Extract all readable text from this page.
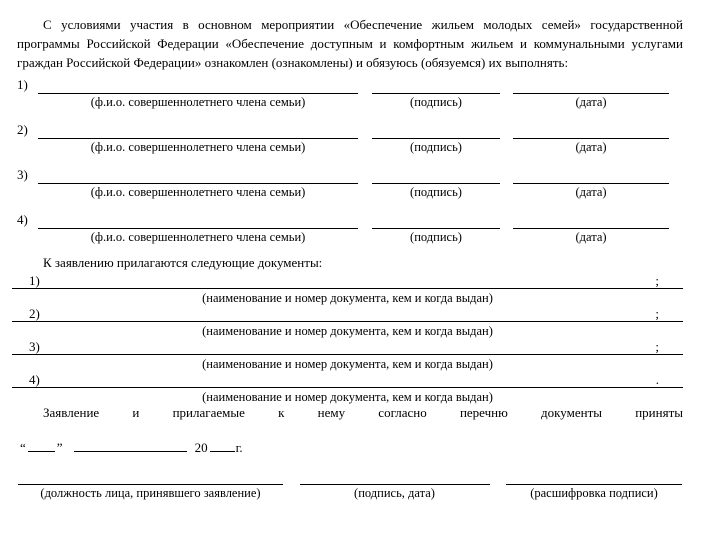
С условиями участия в основном мероприятии «Обеспечение жильем молодых семей» государственной программы Российской Федерации «Обеспечение доступным и комфортным жильем и коммунальными услугами граждан Российской Федерации» ознакомлен (ознакомлены) и обязуюсь (обязуемся) их выполнять:

1)
(ф.и.о. совершеннолетнего члена семьи)	(подпись)	(дата)
2)
(ф.и.о. совершеннолетнего члена семьи)	(подпись)	(дата)
3)
(ф.и.о. совершеннолетнего члена семьи)	(подпись)	(дата)
4)
(ф.и.о. совершеннолетнего члена семьи)	(подпись)	(дата)
К заявлению прилагаются следующие документы:
1)	;
(наименование и номер документа, кем и когда выдан)
2)	;
(наименование и номер документа, кем и когда выдан)
3)	;
(наименование и номер документа, кем и когда выдан)
4)	.
(наименование и номер документа, кем и когда выдан)
Заявление и прилагаемые к нему согласно перечню документы приняты
“ ”	20 г.
(должность лица, принявшего заявление)	(подпись, дата)	(расшифровка подписи)
